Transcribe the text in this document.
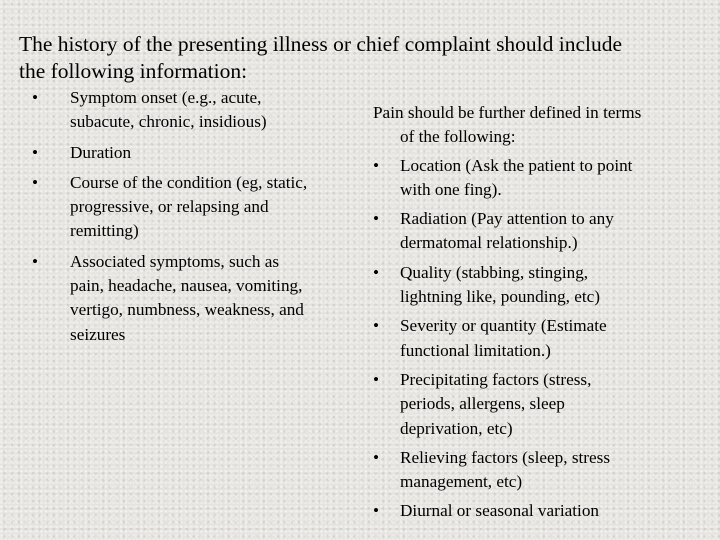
The history of the presenting illness or chief complaint should include
the following information:
• Symptom onset (e.g., acute,
subacute, chronic, insidious)
• Duration
• Course of the condition (eg, static,
progressive, or relapsing and
remitting)
• Associated symptoms, such as
pain, headache, nausea, vomiting,
vertigo, numbness, weakness, and
seizures
Pain should be further defined in terms
of the following:
• Location (Ask the patient to point
with one fing).
• Radiation (Pay attention to any
dermatomal relationship.)
• Quality (stabbing, stinging,
lightning like, pounding, etc)
• Severity or quantity (Estimate
functional limitation.)
• Precipitating factors (stress,
periods, allergens, sleep
deprivation, etc)
• Relieving factors (sleep, stress
management, etc)
• Diurnal or seasonal variation
